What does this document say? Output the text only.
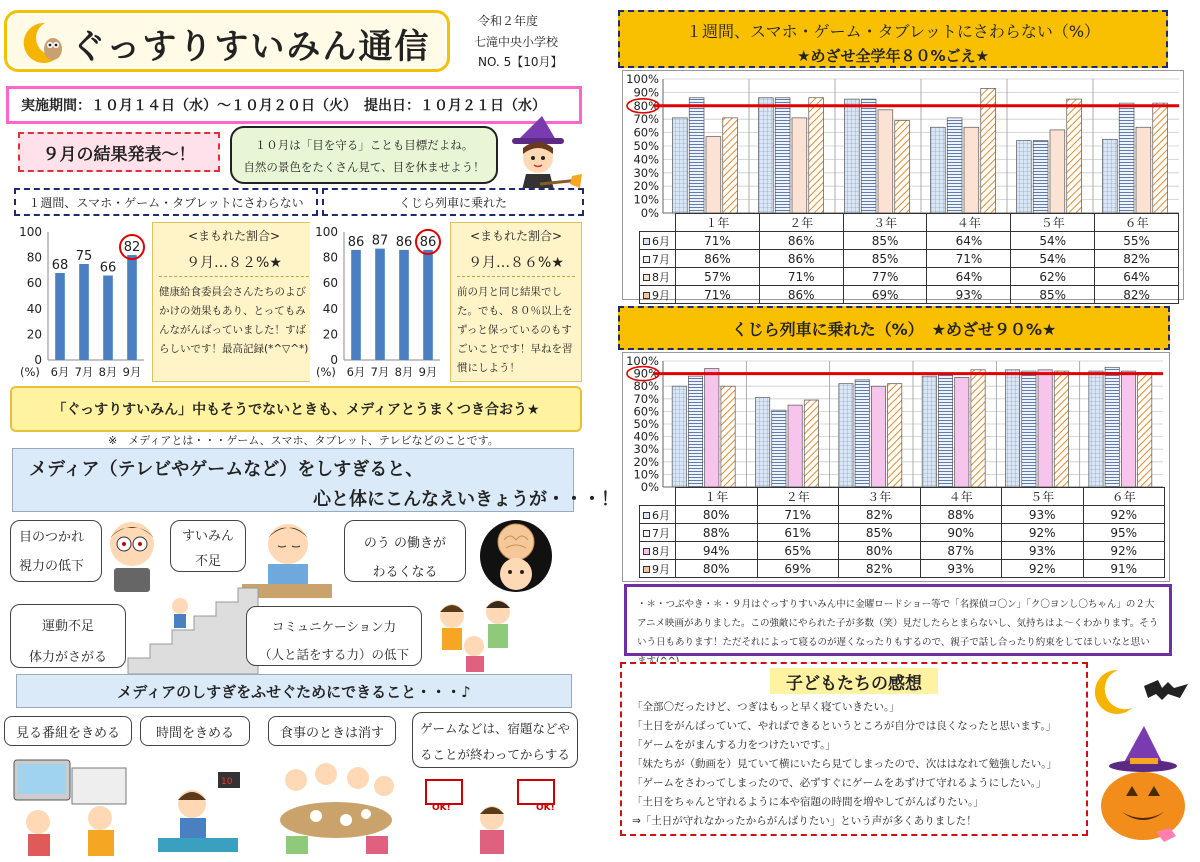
ぐっすりすいみん通信
令和２年度
七滝中央小学校
NO. 5【10月】
実施期間：１０月１４日（水）～１０月２０日（火）　提出日：１０月２１日（水）
９月の結果発表～！	１０月は「目を守る」ことも目標だよね。
自然の景色をたくさん見て、目を休ませよう！
１週間、スマホ・ゲーム・タブレットにさわらない
0
20
40
60
80
100
68
6月
75
7月
66
8月
82
9月
(%)
<まもれた割合>
９月…８２%★
健康給食委員会さんたちのよびかけの効果もあり、とってもみんながんばっていました！すばらしいです！最高記録(*^▽^*)
くじら列車に乗れた
0
20
40
60
80
100
86
6月
87
7月
86
8月
86
9月
(%)
<まもれた割合>
９月…８６%★
前の月と同じ結果でした。でも、８０％以上をずっと保っているのもすごいことです！早ねを習慣にしよう！
「ぐっすりすいみん」中もそうでないときも、メディアとうまくつき合おう★
※　メディアとは・・・ゲーム、スマホ、タブレット、テレビなどのことです。
メディア（テレビやゲームなど）をしすぎると、
心と体にこんなえいきょうが・・・！
目のつかれ
視力の低下
すいみん
不足
のう の働きが
わるくなる
運動不足
体力がさがる
コミュニケーション力
（人と話をする力）の低下
メディアのしすぎをふせぐためにできること・・・♪
見る番組をきめる	時間をきめる	食事のときは消す	ゲームなどは、宿題などや
ることが終わってからする
10
OK!	OK!
１週間、スマホ・ゲーム・タブレットにさわらない（%）
★めざせ全学年８０%ごえ★
0%
10%
20%
30%
40%
50%
60%
70%
80%
90%
100%
	１年	２年	３年	４年	５年	６年
6月	71%	86%	85%	64%	54%	55%
7月	86%	86%	85%	71%	54%	82%
8月	57%	71%	77%	64%	62%	64%
9月	71%	86%	69%	93%	85%	82%
くじら列車に乗れた（%）　★めざせ９０%★
0%
10%
20%
30%
40%
50%
60%
70%
80%
90%
100%
	１年	２年	３年	４年	５年	６年
6月	80%	71%	82%	88%	93%	92%
7月	88%	61%	85%	90%	92%	95%
8月	94%	65%	80%	87%	93%	92%
9月	80%	69%	82%	93%	92%	91%
・＊・つぶやき・＊・９月はぐっすりすいみん中に金曜ロードショー等で「名探偵コ〇ン」「ク〇ヨンし〇ちゃん」の２大アニメ映画がありました。この強敵にやられた子が多数（笑）見だしたらとまらないし、気持ちはよ～くわかります。そういう日もあります！ただそれによって寝るのが遅くなったりもするので、親子で話し合ったり約束をしてほしいなと思い
子どもたちの感想
「全部〇だったけど、つぎはもっと早く寝ていきたい。」
「土日をがんばっていて、やればできるというところが自分では良くなったと思います。」
「ゲームをがまんする力をつけたいです。」
「妹たちが（動画を）見ていて横にいたら見てしまったので、次ははなれて勉強したい。」
「ゲームをさわってしまったので、必ずすぐにゲームをあずけて守れるようにしたい。」
「土日をちゃんと守れるように本や宿題の時間を増やしてがんばりたい。」
⇒「土日が守れなかったからがんばりたい」という声が多くありました！
